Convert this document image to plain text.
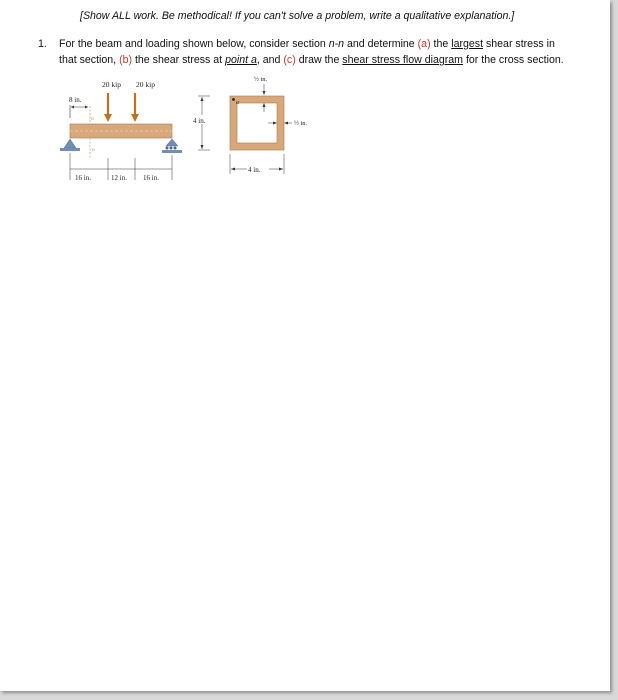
[Show ALL work. Be methodical! If you can't solve a problem, write a qualitative explanation.]
1. For the beam and loading shown below, consider section n-n and determine (a) the largest shear stress in
that section, (b) the shear stress at point a, and (c) draw the shear stress flow diagram for the cross section.
20 kip 20 kip
8 in.
n
n
16 in.	12 in. 16 in.
4 in.
a
½ in.
½ in.
4 in.
